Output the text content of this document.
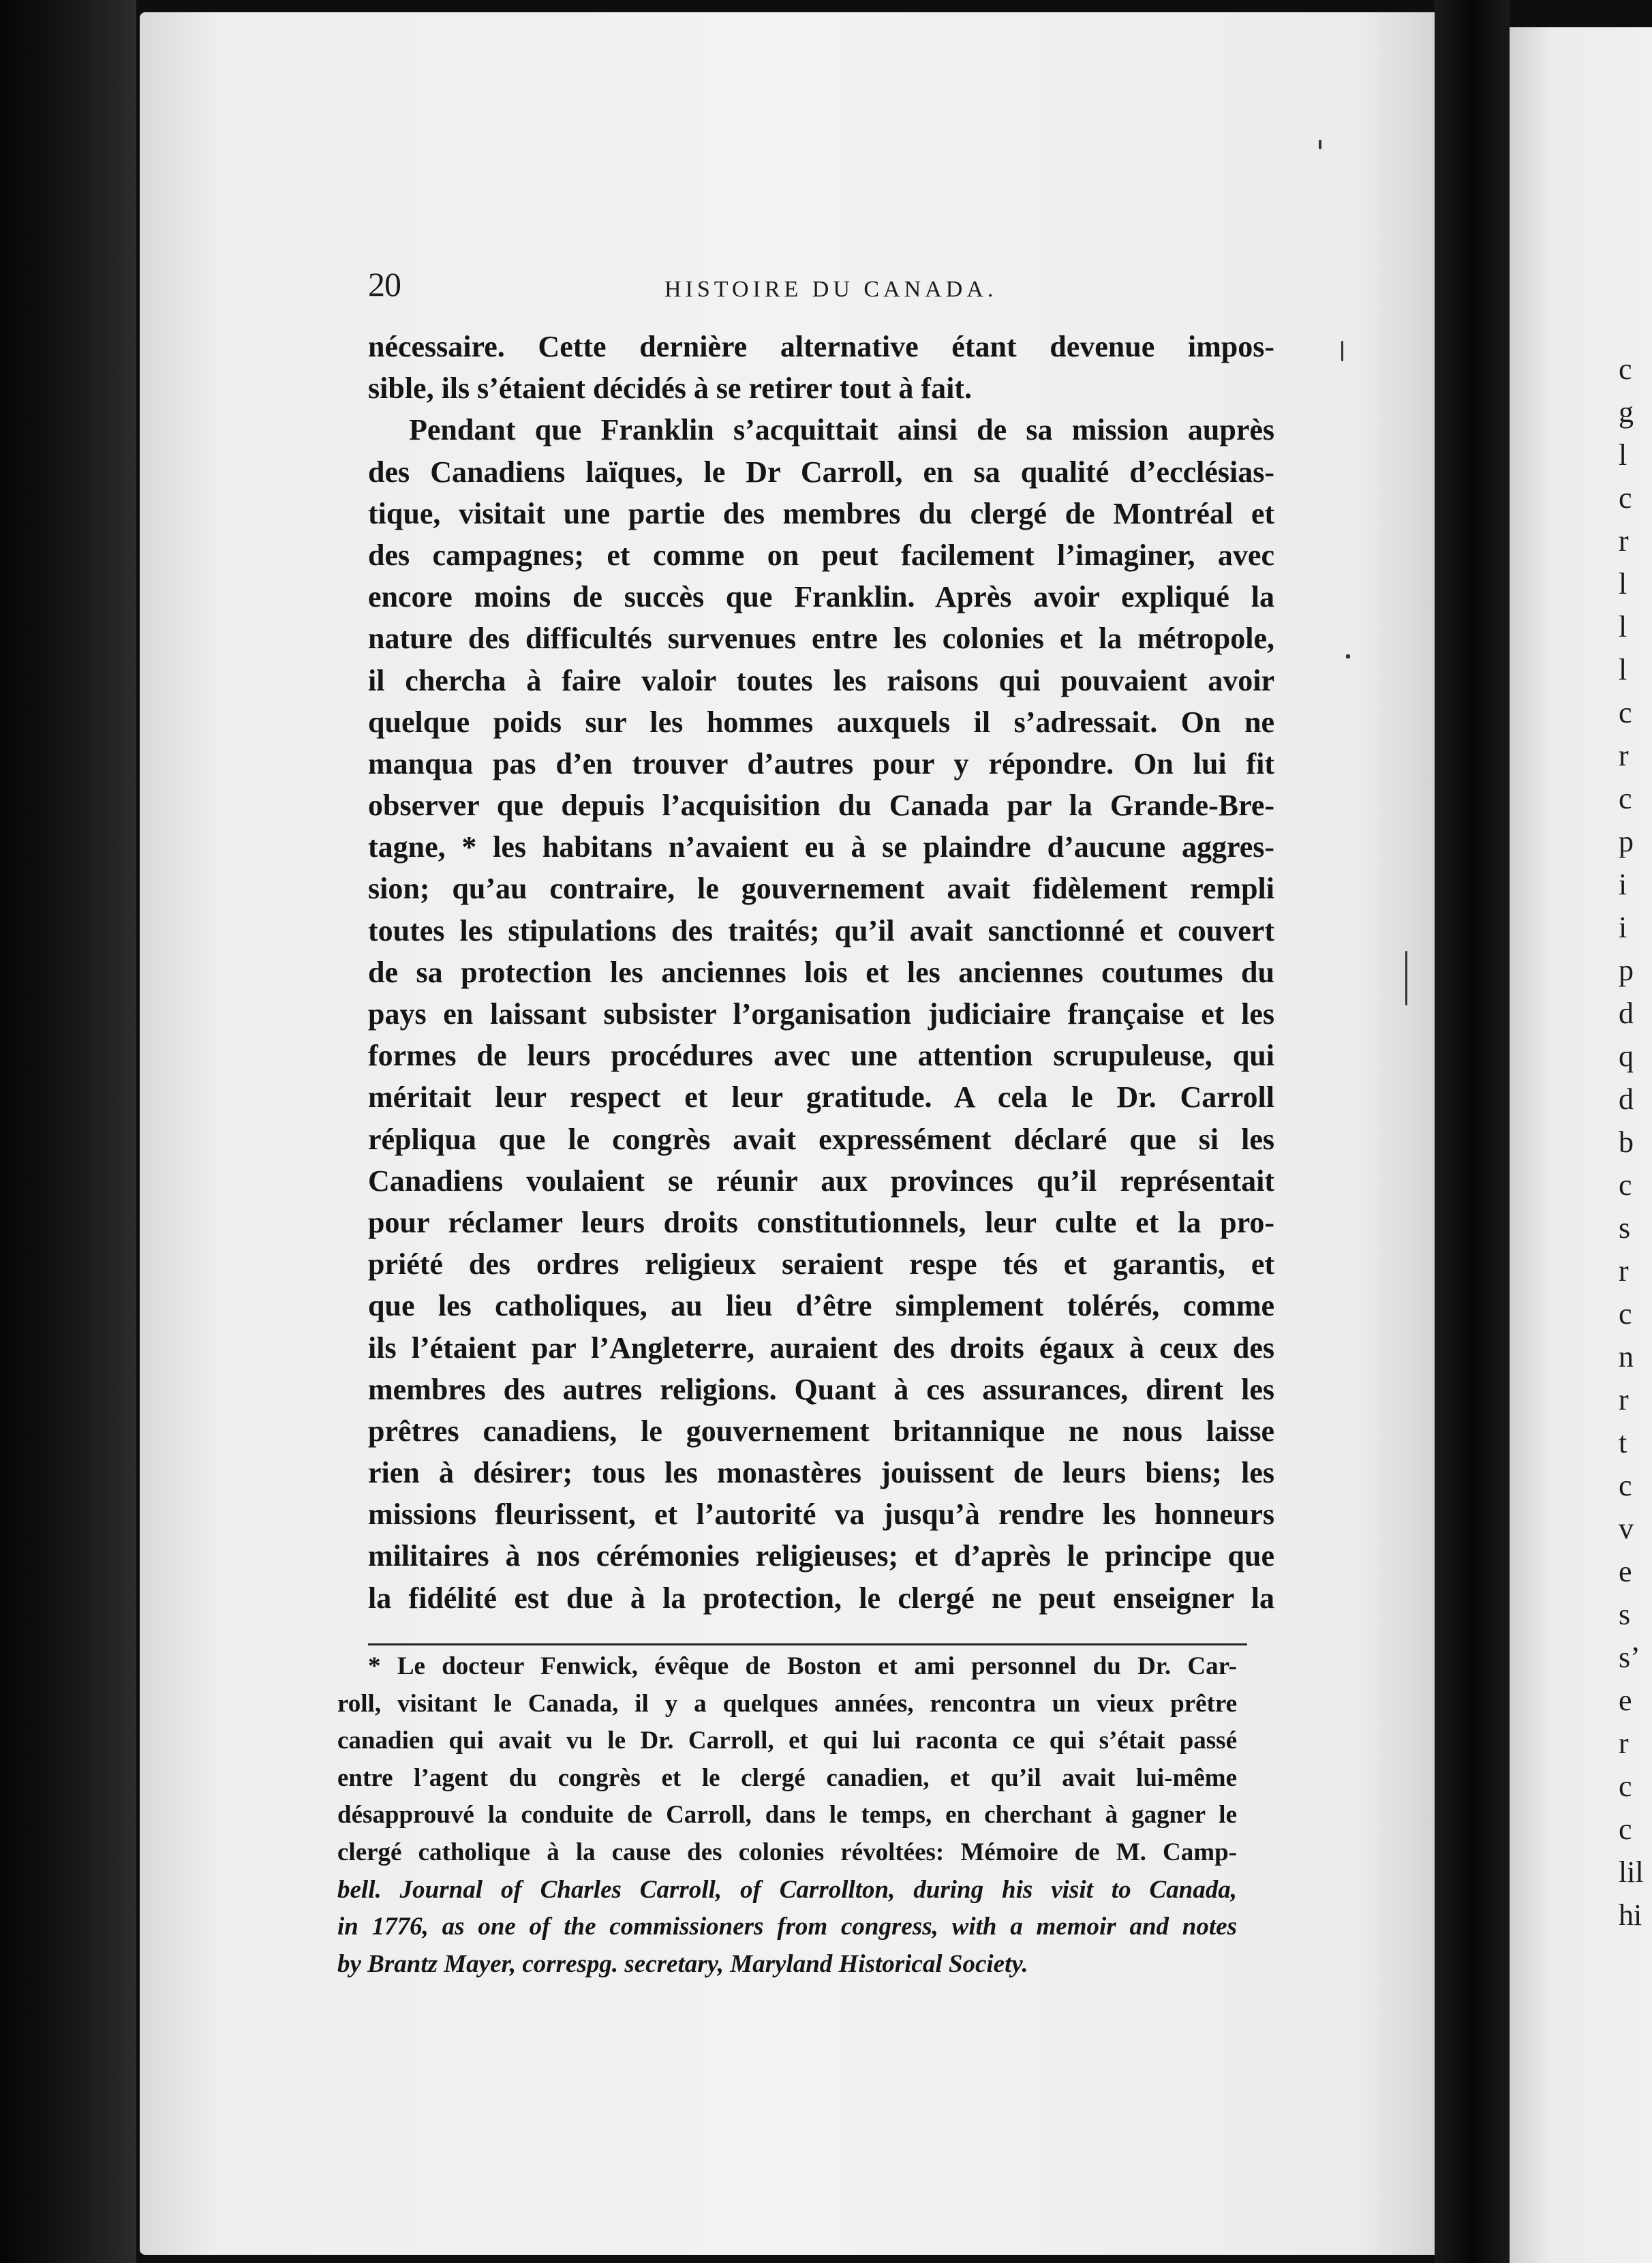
20	HISTOIRE DU CANADA.
nécessaire. Cette dernière alternative étant devenue impos-
sible, ils s’étaient décidés à se retirer tout à fait.
Pendant que Franklin s’acquittait ainsi de sa mission auprès
des Canadiens laïques, le Dr Carroll, en sa qualité d’ecclésias-
tique, visitait une partie des membres du clergé de Montréal et
des campagnes; et comme on peut facilement l’imaginer, avec
encore moins de succès que Franklin. Après avoir expliqué la
nature des difficultés survenues entre les colonies et la métropole,
il chercha à faire valoir toutes les raisons qui pouvaient avoir
quelque poids sur les hommes auxquels il s’adressait. On ne
manqua pas d’en trouver d’autres pour y répondre. On lui fit
observer que depuis l’acquisition du Canada par la Grande-Bre-
tagne, * les habitans n’avaient eu à se plaindre d’aucune aggres-
sion; qu’au contraire, le gouvernement avait fidèlement rempli
toutes les stipulations des traités; qu’il avait sanctionné et couvert
de sa protection les anciennes lois et les anciennes coutumes du
pays en laissant subsister l’organisation judiciaire française et les
formes de leurs procédures avec une attention scrupuleuse, qui
méritait leur respect et leur gratitude. A cela le Dr. Carroll
répliqua que le congrès avait expressément déclaré que si les
Canadiens voulaient se réunir aux provinces qu’il représentait
pour réclamer leurs droits constitutionnels, leur culte et la pro-
priété des ordres religieux seraient respe tés et garantis, et
que les catholiques, au lieu d’être simplement tolérés, comme
ils l’étaient par l’Angleterre, auraient des droits égaux à ceux des
membres des autres religions. Quant à ces assurances, dirent les
prêtres canadiens, le gouvernement britannique ne nous laisse
rien à désirer; tous les monastères jouissent de leurs biens; les
missions fleurissent, et l’autorité va jusqu’à rendre les honneurs
militaires à nos cérémonies religieuses; et d’après le principe que
la fidélité est due à la protection, le clergé ne peut enseigner la
* Le docteur Fenwick, évêque de Boston et ami personnel du Dr. Car-
roll, visitant le Canada, il y a quelques années, rencontra un vieux prêtre
canadien qui avait vu le Dr. Carroll, et qui lui raconta ce qui s’était passé
entre l’agent du congrès et le clergé canadien, et qu’il avait lui-même
désapprouvé la conduite de Carroll, dans le temps, en cherchant à gagner le
clergé catholique à la cause des colonies révoltées: Mémoire de M. Camp-
bell. Journal of Charles Carroll, of Carrollton, during his visit to Canada,
in 1776, as one of the commissioners from congress, with a memoir and notes
by Brantz Mayer, correspg. secretary, Maryland Historical Society.
c
g
l
c
r
l
l
l
c
r
c
p
i
i
p
d
q
d
b
c
s
r
c
n
r
t
c
v
e
s
s’
e
r
c
c
lil
hi
